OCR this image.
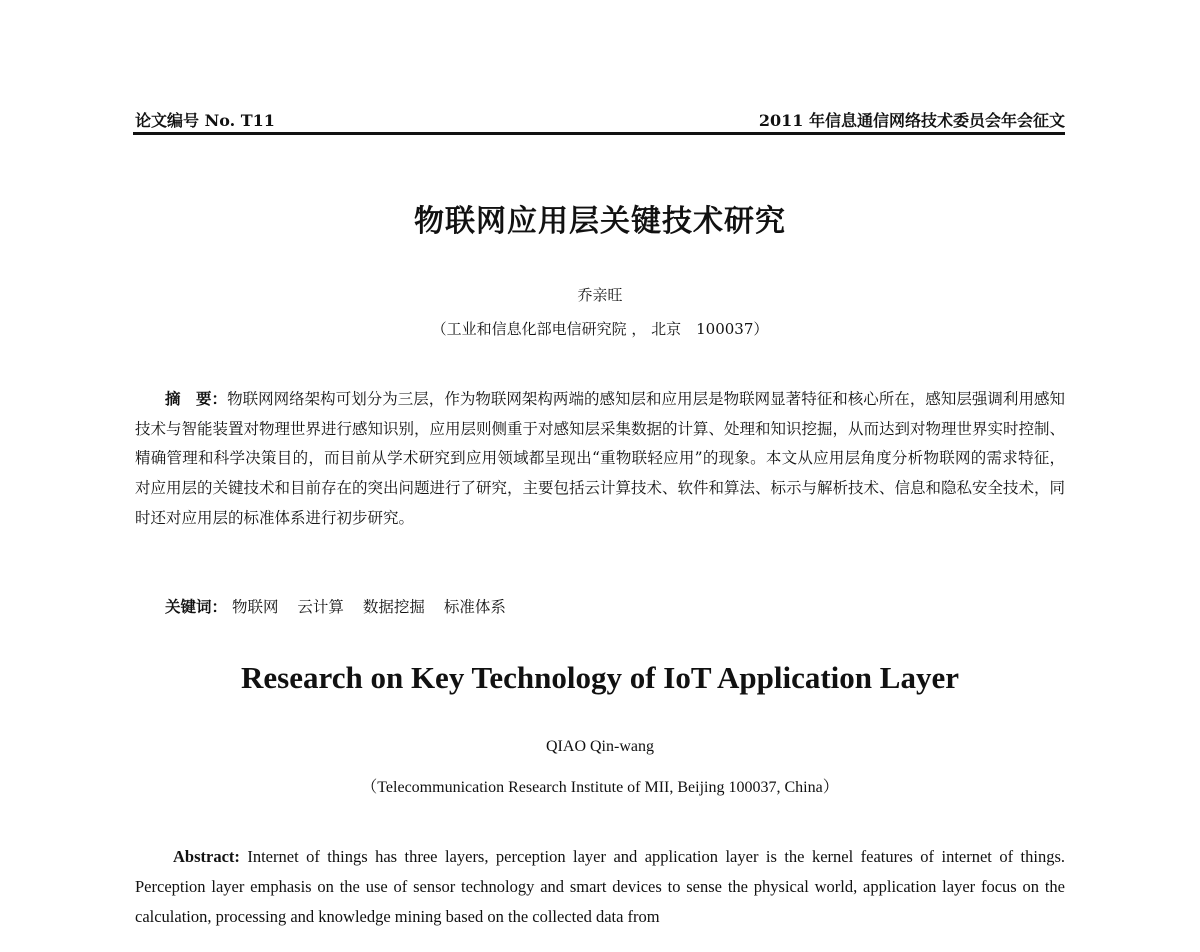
论文编号 No. T11	2011 年信息通信网络技术委员会年会征文
物联网应用层关键技术研究
乔亲旺
（工业和信息化部电信研究院 ， 北京　100037）

摘　要：物联网网络架构可划分为三层，作为物联网架构两端的感知层和应用层是物联网显著特征和核心所在，感知层强调利用感知技术与智能装置对物理世界进行感知识别，应用层则侧重于对感知层采集数据的计算、处理和知识挖掘，从而达到对物理世界实时控制、精确管理和科学决策目的，而目前从学术研究到应用领域都呈现出“重物联轻应用”的现象。本文从应用层角度分析物联网的需求特征，对应用层的关键技术和目前存在的突出问题进行了研究，主要包括云计算技术、软件和算法、标示与解析技术、信息和隐私安全技术，同时还对应用层的标准体系进行初步研究。

关键词： 物联网 云计算 数据挖掘 标准体系
Research on Key Technology of IoT Application Layer
QIAO Qin-wang
（Telecommunication Research Institute of MII, Beijing 100037, China）

Abstract: Internet of things has three layers, perception layer and application layer is the kernel features of internet of things. Perception layer emphasis on the use of sensor technology and smart devices to sense the physical world, application layer focus on the calculation, processing and knowledge mining based on the collected data from
